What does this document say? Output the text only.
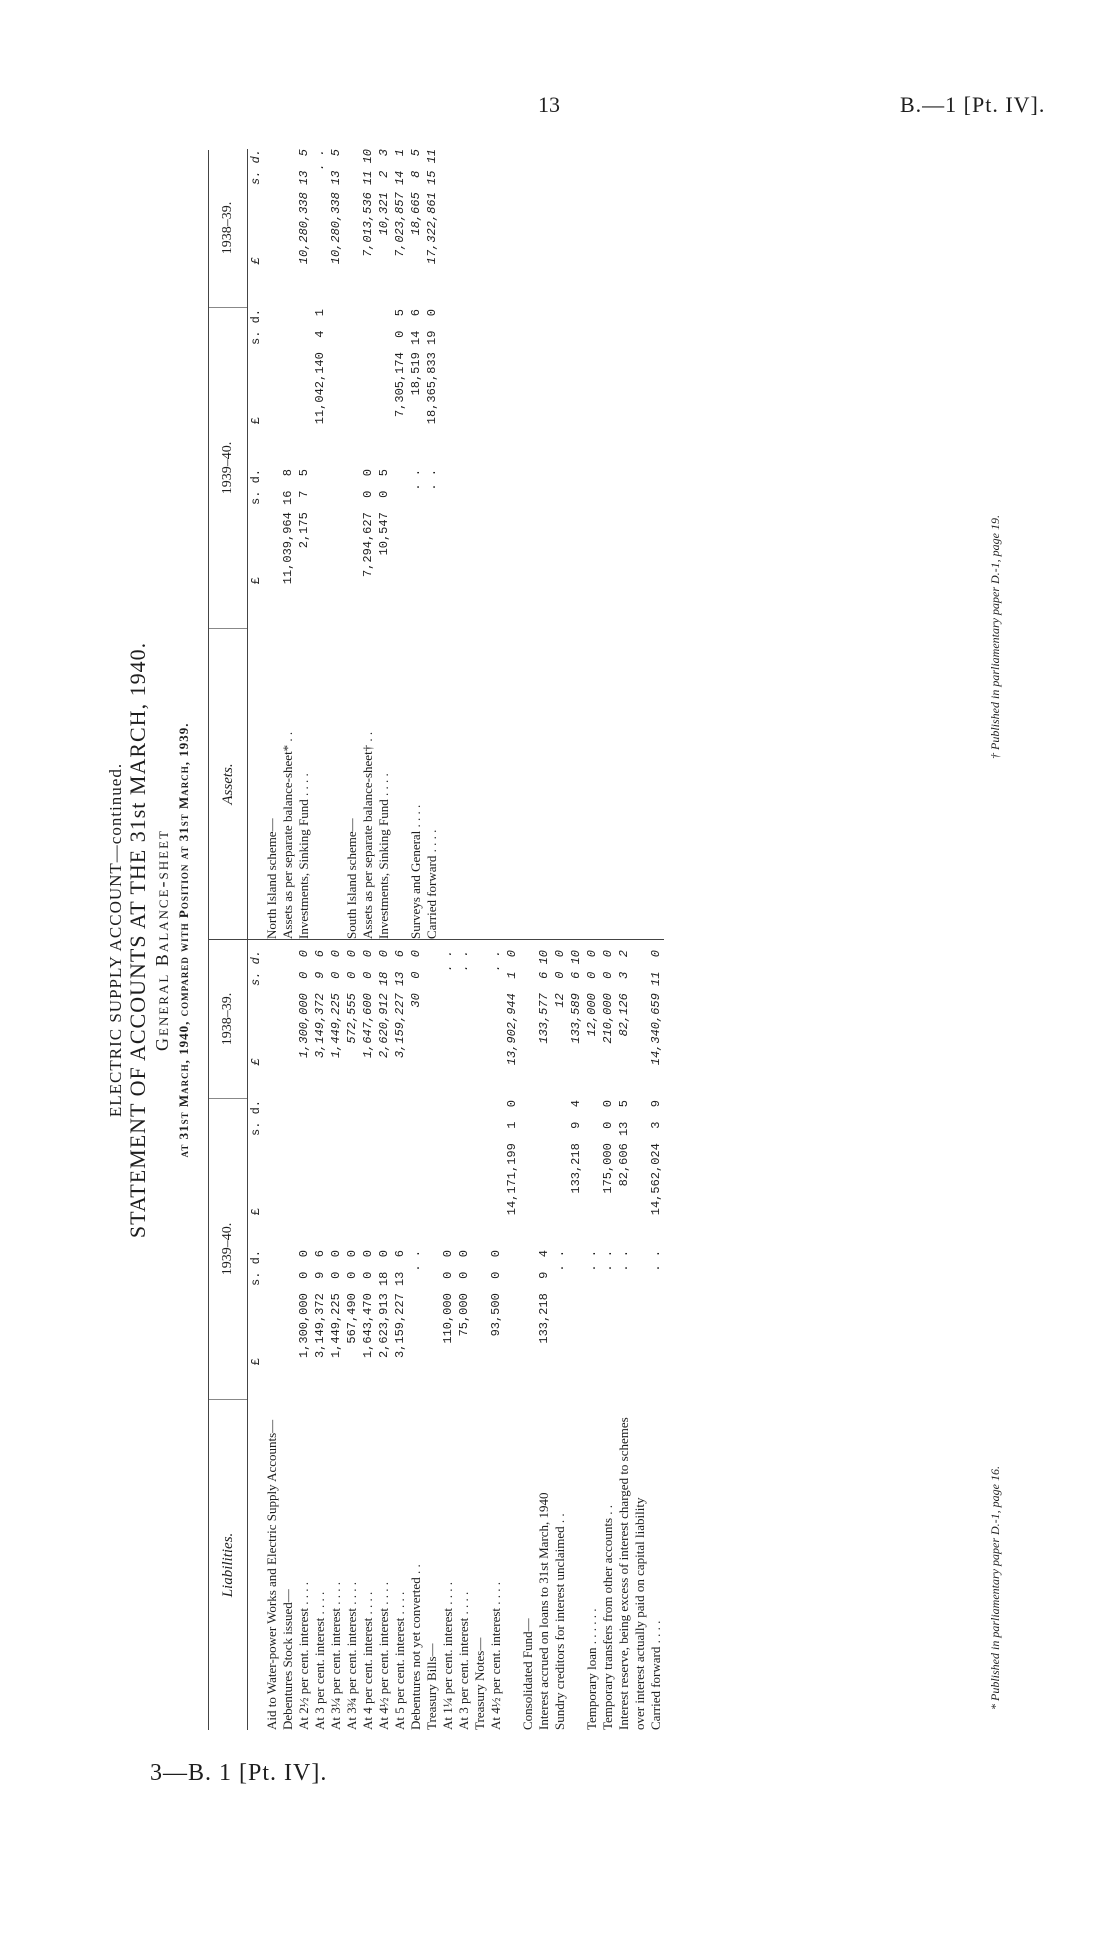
13	B.—1 [Pt. IV].
3—B. 1 [Pt. IV].
ELECTRIC SUPPLY ACCOUNT—continued. STATEMENT OF ACCOUNTS AT THE 31st MARCH, 1940. General Balance-sheet at 31st March, 1940, compared with Position at 31st March, 1939.
Liabilities.
1939–40.
1938–39.
£          s. d.
£          s. d.
£          s. d.
Aid to Water-power Works and Electric Supply Accounts— Debentures Stock issued— At 2½ per cent. interest . . . .
1,300,000  0  0
1,300,000  0  0
At 3 per cent. interest . . . .
3,149,372  9  6
3,149,372  9  6
At 3¼ per cent. interest . . . .
1,449,225  0  0
1,449,225  0  0
At 3¾ per cent. interest . . . .
567,490  0  0
572,555  0  0
At 4 per cent. interest . . . .
1,643,470  0  0
1,647,600  0  0
At 4½ per cent. interest . . . .
2,623,913 18  0
2,620,912 18  0
At 5 per cent. interest . . . .
3,159,227 13  6
3,159,227 13  6
Debentures not yet converted . .
. .
30  0  0
Treasury Bills— At 1¼ per cent. interest . . . .
110,000  0  0
. .
At 3 per cent. interest . . . .
75,000  0  0
. .
Treasury Notes— At 4½ per cent. interest . . . .
93,500  0  0
. .
14,171,199  1  0
13,902,944  1  0
Consolidated Fund— Interest accrued on loans to 31st March, 1940
133,218  9  4
133,577  6 10
Sundry creditors for interest unclaimed . .
. .
12  0  0
133,218  9  4
133,589  6 10
Temporary loan . . . . . .
. .
12,000  0  0
Temporary transfers from other accounts . .
. .
175,000  0  0
210,000  0  0
Interest reserve, being excess of interest charged to schemes over interest actually paid on capital liability
. .
82,606 13  5
82,126  3  2
Carried forward . . . .
. .
14,562,024  3  9
14,340,659 11  0
* Published in parliamentary paper D.-1, page 16.
Assets.
1939–40.
1938–39.
£          s. d.
£          s. d.
£          s. d.
North Island scheme— Assets as per separate balance-sheet* . .
11,039,964 16  8
Investments, Sinking Fund . . . .
2,175  7  5
10,280,338 13  5
11,042,140  4  1
. . 10,280,338 13  5
South Island scheme— Assets as per separate balance-sheet† . .
7,294,627  0  0
7,013,536 11 10
Investments, Sinking Fund . . . .
10,547  0  5
10,321  2  3
7,305,174  0  5
7,023,857 14  1
Surveys and General . . . .
. .
18,519 14  6
18,665  8  5
Carried forward . . . .
. .
18,365,833 19  0
17,322,861 15 11
† Published in parliamentary paper D.-1, page 19.
